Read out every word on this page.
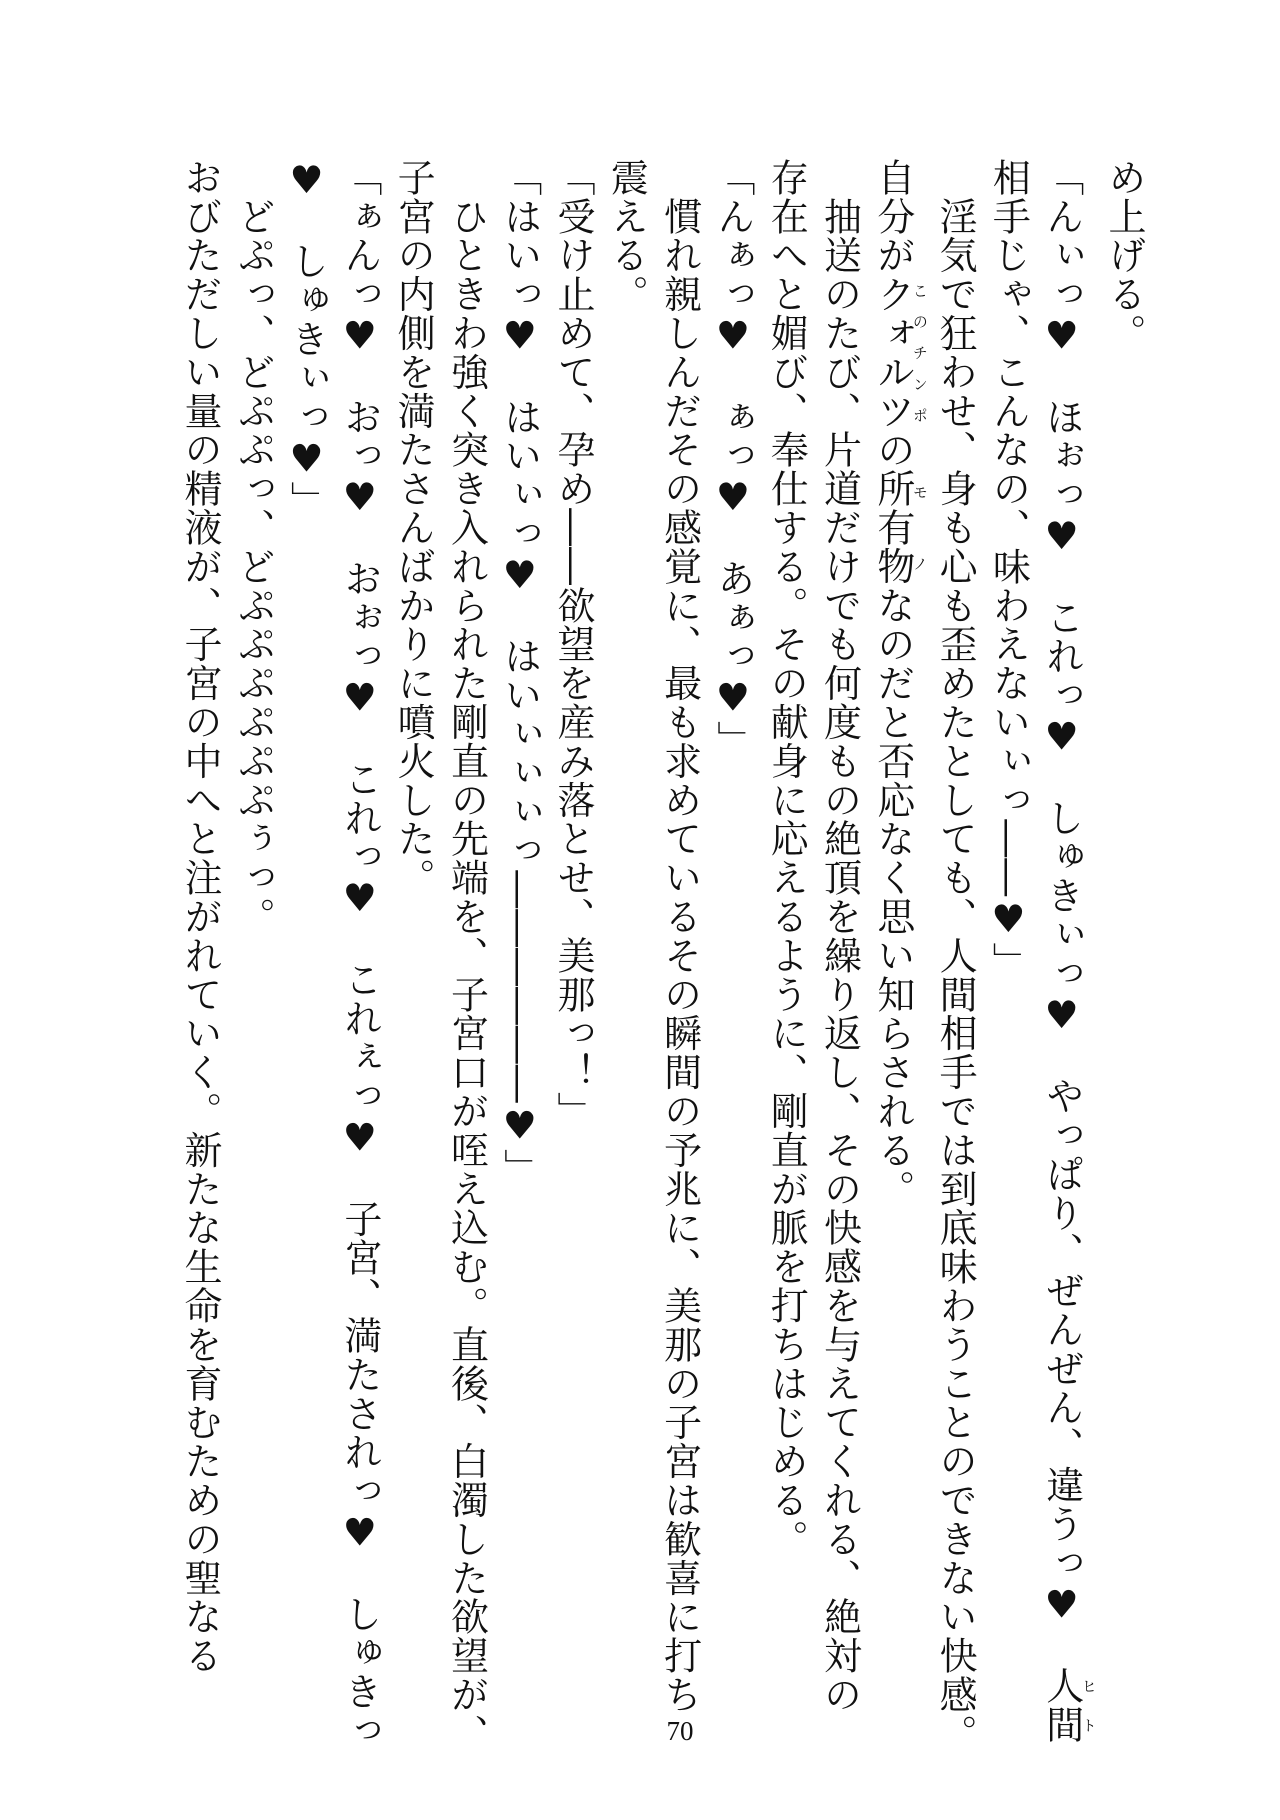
め上げる。
「んぃっ♥　ほぉっ♥　これっ♥　しゅきぃっ♥　やっぱり、ぜんぜん、違うっ♥　人間ヒト
相手じゃ、こんなの、味わえないぃっ――♥」
　淫気で狂わせ、身も心も歪めたとしても、人間相手では到底味わうことのできない快感。
自分がクォルツこのチンポの所有物モノなのだと否応なく思い知らされる。
　抽送のたび、片道だけでも何度もの絶頂を繰り返し、その快感を与えてくれる、絶対の
存在へと媚び、奉仕する。その献身に応えるように、剛直が脈を打ちはじめる。
「んぁっ♥　ぁっ♥　あぁっ♥」
　慣れ親しんだその感覚に、最も求めているその瞬間の予兆に、美那の子宮は歓喜に打ち
震える。
「受け止めて、孕め――欲望を産み落とせ、美那っ！」
「はいっ♥　はいぃっ♥　はいぃぃぃっ――――――♥」
　ひときわ強く突き入れられた剛直の先端を、子宮口が咥え込む。直後、白濁した欲望が、
子宮の内側を満たさんばかりに噴火した。
「ぁんっ♥　おっ♥　おぉっ♥　これっ♥　これぇっ♥　子宮、満たされっ♥　しゅきっ
♥　しゅきぃっ♥」
　どぷっ、どぷぷっ、どぷぷぷぷぷぷぅっ。
おびただしい量の精液が、子宮の中へと注がれていく。新たな生命を育むための聖なる
70
